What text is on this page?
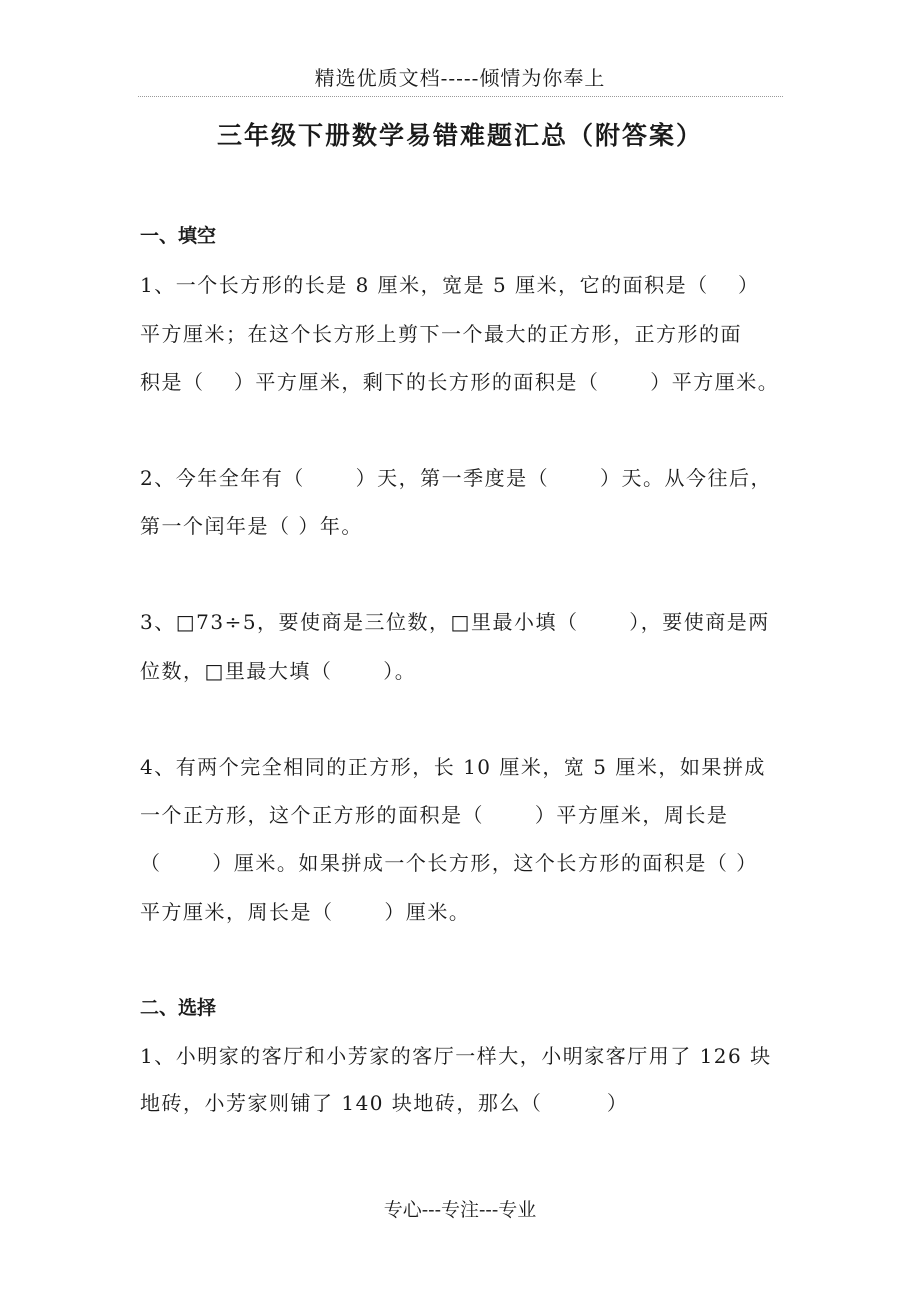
精选优质文档-----倾情为你奉上
三年级下册数学易错难题汇总（附答案）
一、填空
1、一个长方形的长是 8 厘米，宽是 5 厘米，它的面积是（　 ）
平方厘米；在这个长方形上剪下一个最大的正方形，正方形的面
积是（　 ）平方厘米，剩下的长方形的面积是（　　 ）平方厘米。
2、今年全年有（　　 ）天，第一季度是（　　 ）天。从今往后，
第一个闰年是（ ）年。
3、□73÷5，要使商是三位数，□里最小填（　　 ），要使商是两
位数，□里最大填（　　 ）。
4、有两个完全相同的正方形，长 10 厘米，宽 5 厘米，如果拼成
一个正方形，这个正方形的面积是（　　 ）平方厘米，周长是
（　　 ）厘米。如果拼成一个长方形，这个长方形的面积是（ ）
平方厘米，周长是（　　 ）厘米。
二、选择
1、小明家的客厅和小芳家的客厅一样大，小明家客厅用了 126 块
地砖，小芳家则铺了 140 块地砖，那么（　　　）
专心---专注---专业
